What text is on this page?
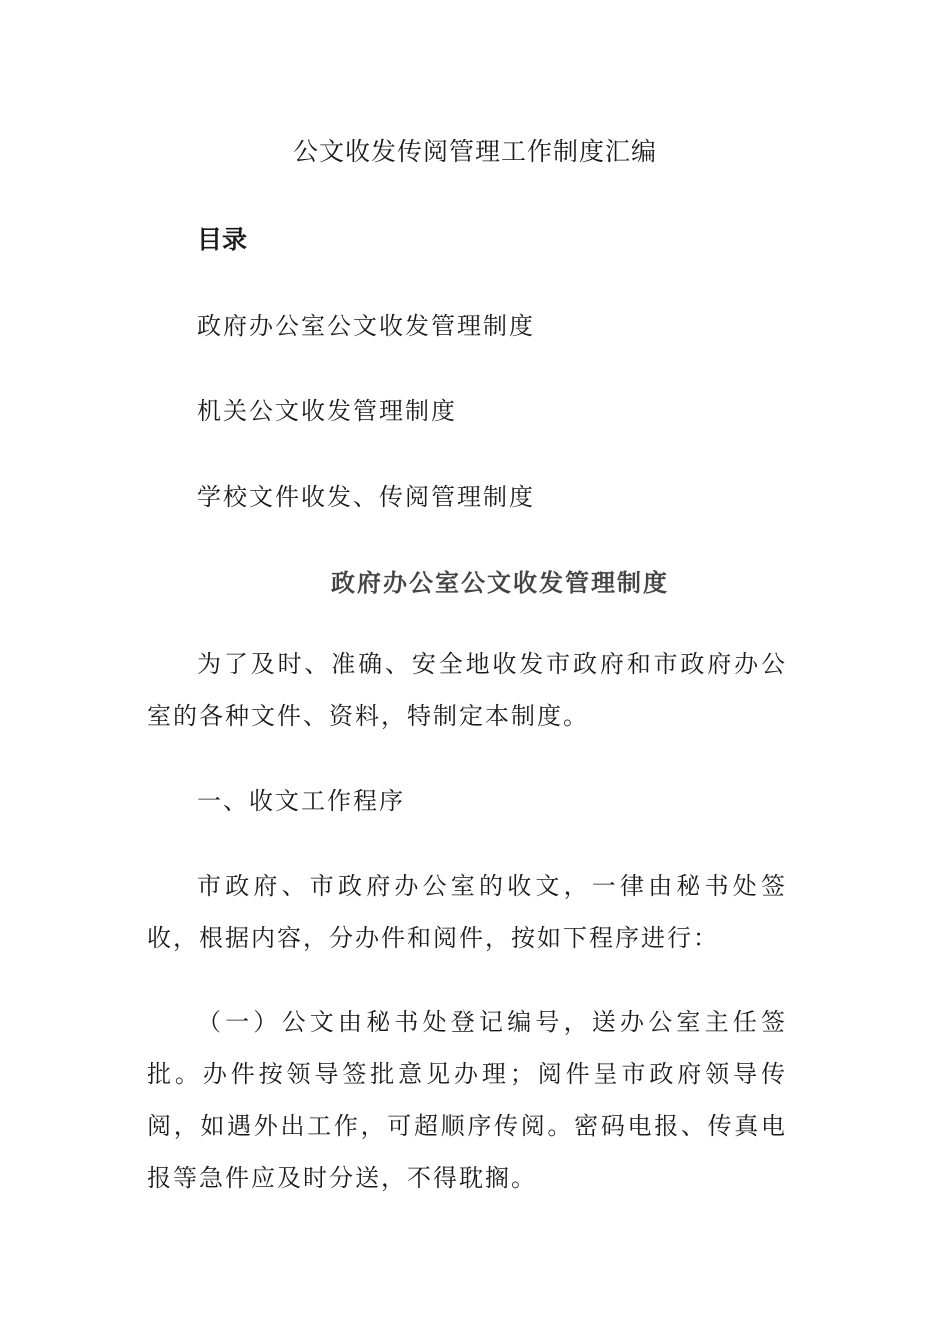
公文收发传阅管理工作制度汇编
目录

政府办公室公文收发管理制度

机关公文收发管理制度

学校文件收发、传阅管理制度

政府办公室公文收发管理制度

为了及时、准确、安全地收发市政府和市政府办公室的各种文件、资料，特制定本制度。

一、收文工作程序

市政府、市政府办公室的收文，一律由秘书处签收，根据内容，分办件和阅件，按如下程序进行：

（一）公文由秘书处登记编号，送办公室主任签批。办件按领导签批意见办理；阅件呈市政府领导传阅，如遇外出工作，可超顺序传阅。密码电报、传真电报等急件应及时分送，不得耽搁。
